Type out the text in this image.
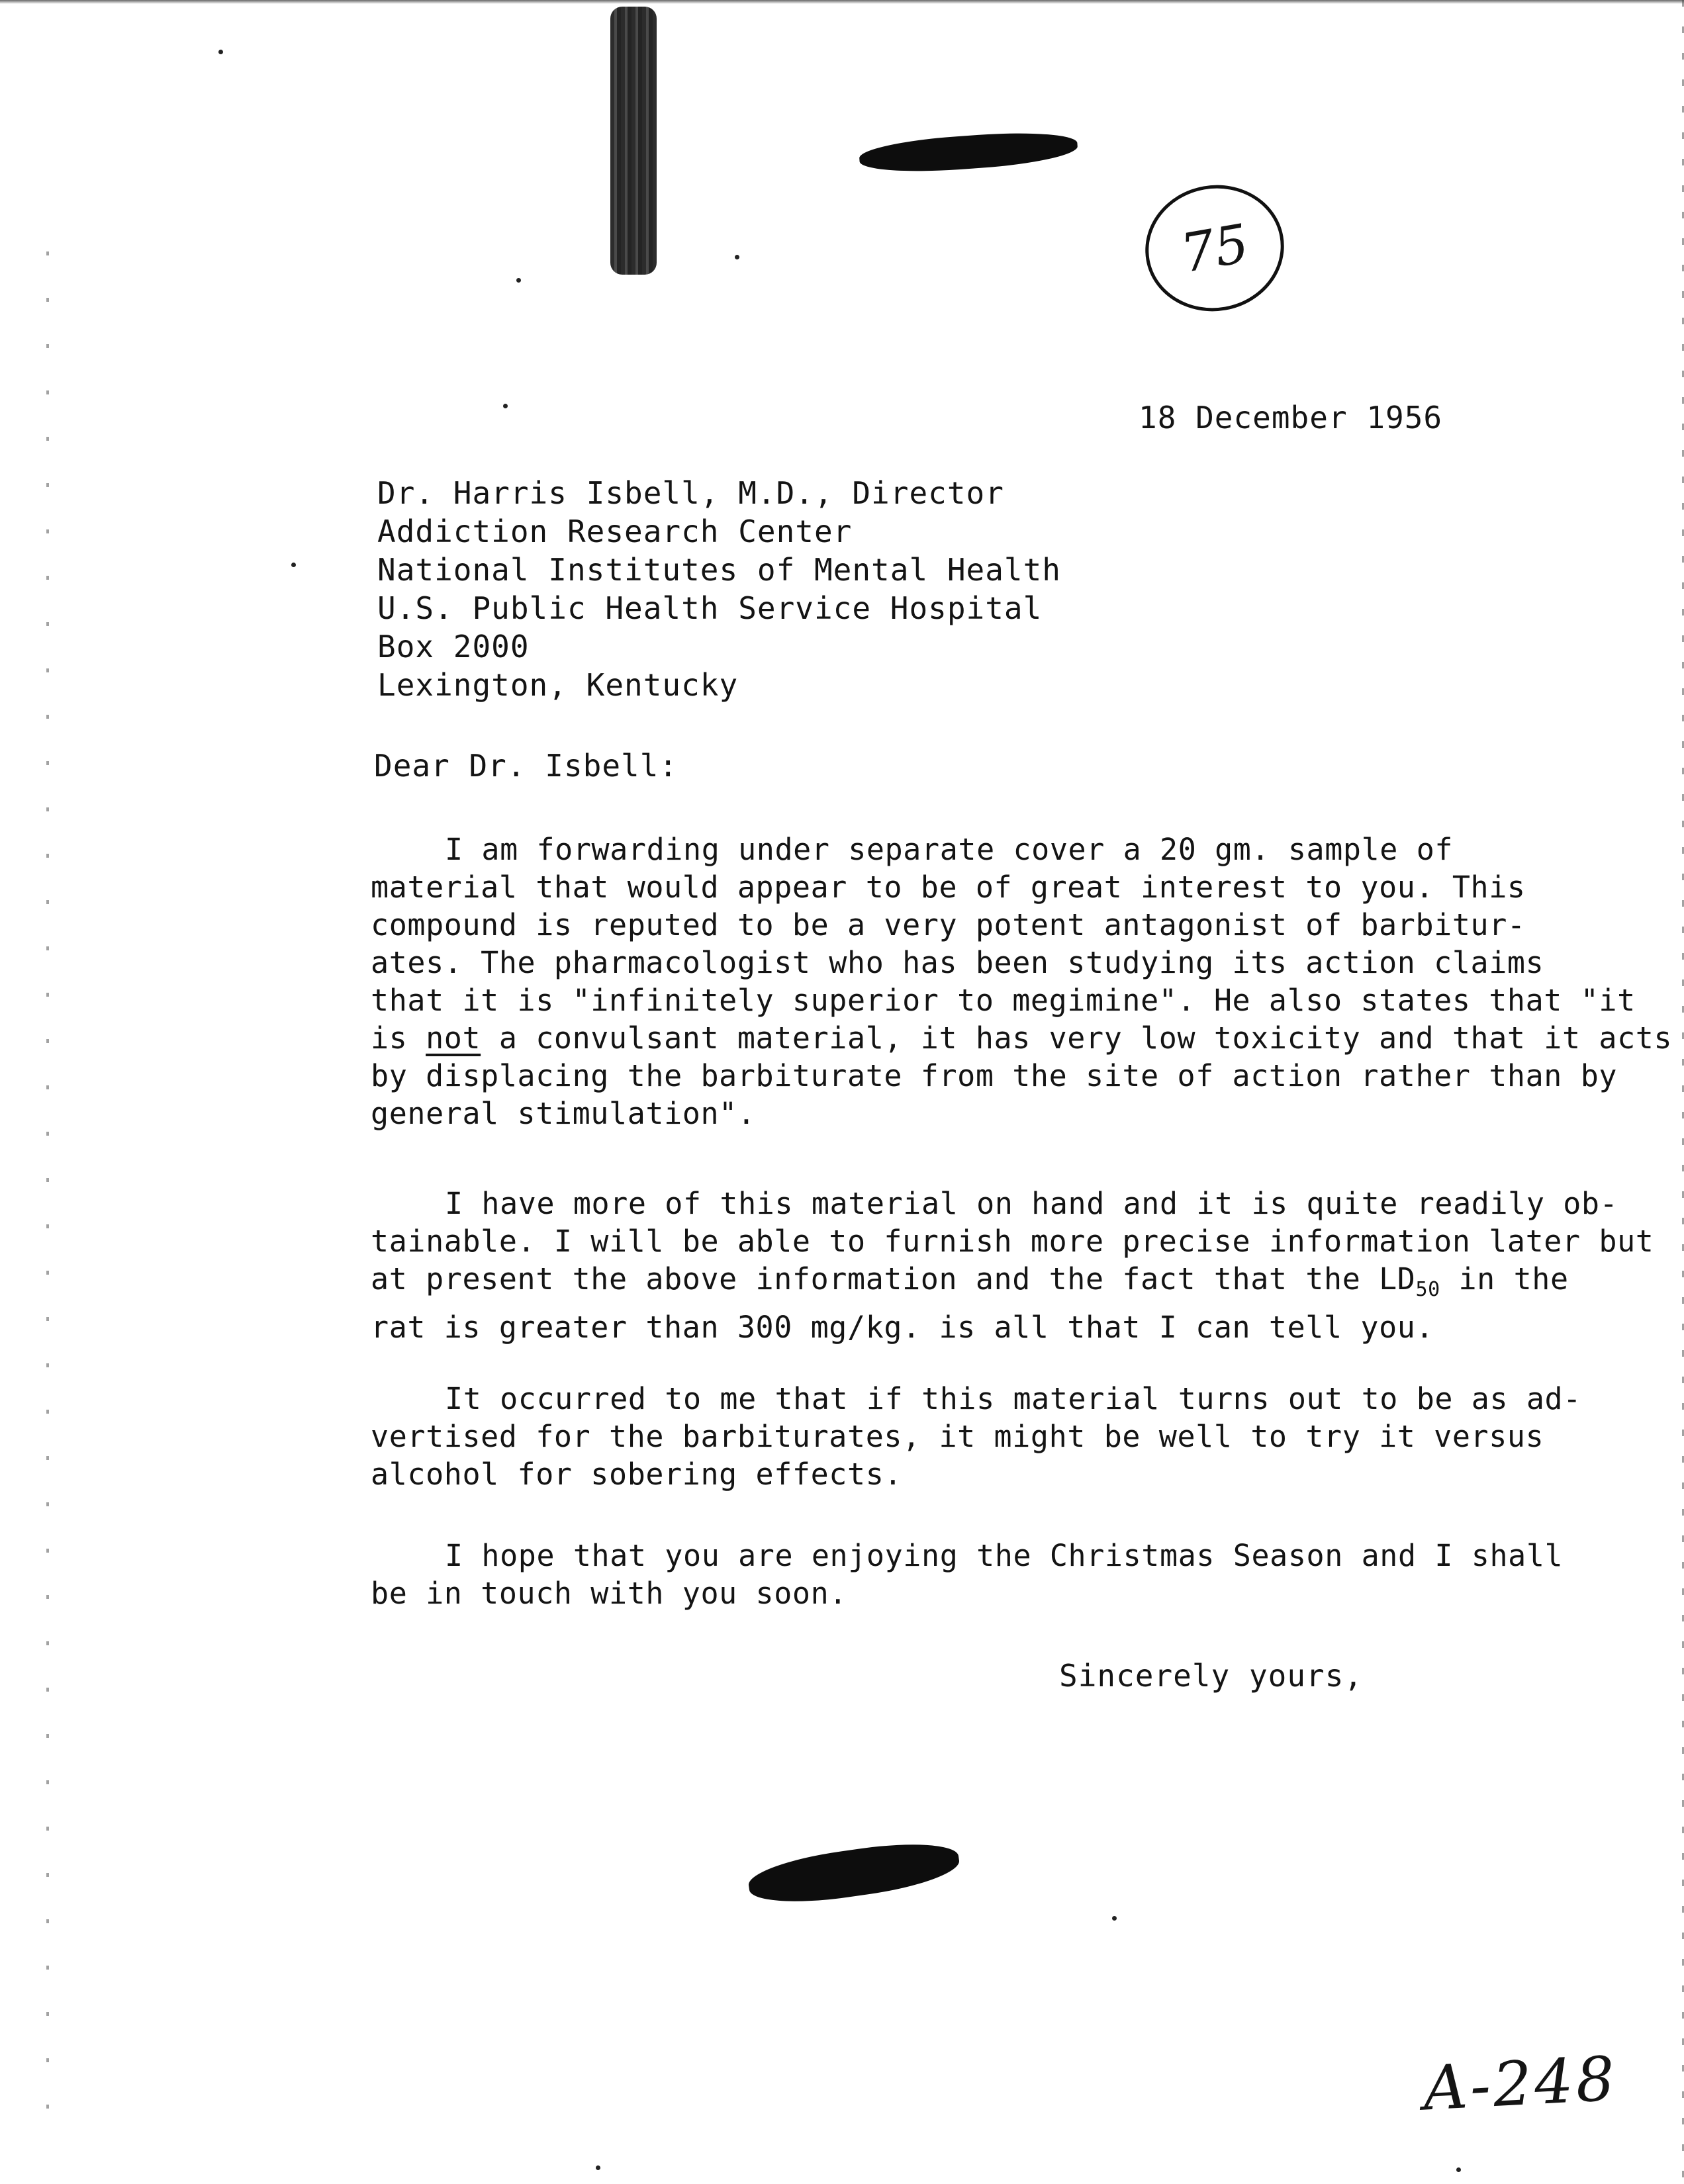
75
18 December 1956
Dr. Harris Isbell, M.D., Director
Addiction Research Center
National Institutes of Mental Health
U.S. Public Health Service Hospital
Box 2000
Lexington, Kentucky
Dear Dr. Isbell:

I am forwarding under separate cover a 20 gm. sample of

material that would appear to be of great interest to you. This

compound is reputed to be a very potent antagonist of barbitur-

ates. The pharmacologist who has been studying its action claims

that it is "infinitely superior to megimine". He also states that "it

is not a convulsant material, it has very low toxicity and that it acts

by displacing the barbiturate from the site of action rather than by

general stimulation".

I have more of this material on hand and it is quite readily ob-

tainable. I will be able to furnish more precise information later but

at present the above information and the fact that the $LD_{50}$ in the

rat is greater than 300 mg/kg. is all that I can tell you.

It occurred to me that if this material turns out to be as ad-

vertised for the barbiturates, it might be well to try it versus

alcohol for sobering effects.

I hope that you are enjoying the Christmas Season and I shall

be in touch with you soon.

Sincerely yours,
A-248
